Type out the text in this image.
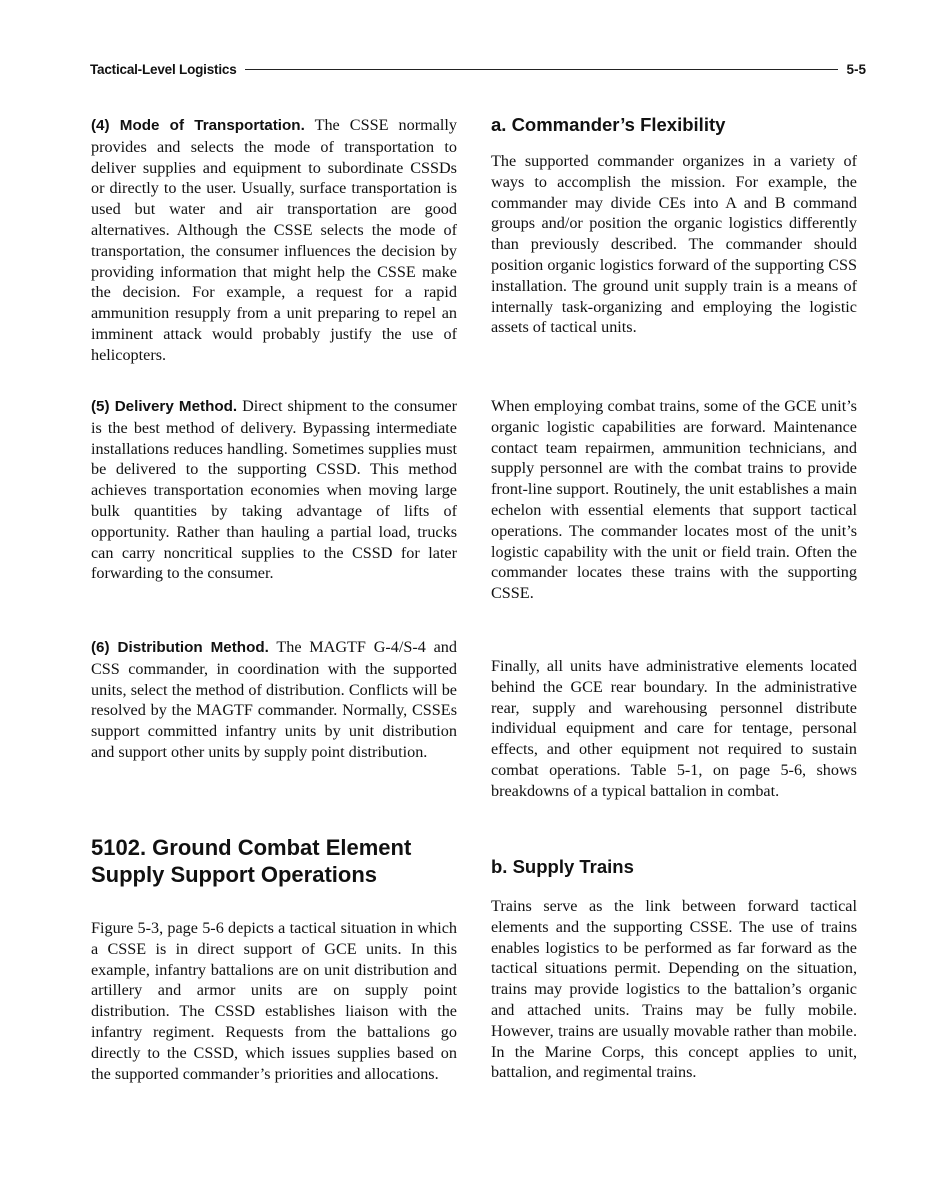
Tactical-Level Logistics	5-5
(4) Mode of Transportation. The CSSE normally provides and selects the mode of transportation to deliver supplies and equipment to subordinate CSSDs or directly to the user. Usually, surface transportation is used but water and air transportation are good alternatives. Although the CSSE selects the mode of transportation, the consumer influences the decision by providing information that might help the CSSE make the decision. For example, a request for a rapid ammunition resupply from a unit preparing to repel an imminent attack would probably justify the use of helicopters.
(5) Delivery Method. Direct shipment to the consumer is the best method of delivery. Bypassing intermediate installations reduces handling. Sometimes supplies must be delivered to the supporting CSSD. This method achieves transportation economies when moving large bulk quantities by taking advantage of lifts of opportunity. Rather than hauling a partial load, trucks can carry noncritical supplies to the CSSD for later forwarding to the consumer.
(6) Distribution Method. The MAGTF G-4/S-4 and CSS commander, in coordination with the supported units, select the method of distribution. Conflicts will be resolved by the MAGTF commander. Normally, CSSEs support committed infantry units by unit distribution and support other units by supply point distribution.
5102. Ground Combat Element Supply Support Operations
Figure 5-3, page 5-6 depicts a tactical situation in which a CSSE is in direct support of GCE units. In this example, infantry battalions are on unit distribution and artillery and armor units are on supply point distribution. The CSSD establishes liaison with the infantry regiment. Requests from the battalions go directly to the CSSD, which issues supplies based on the supported commander’s priorities and allocations.
a. Commander’s Flexibility
The supported commander organizes in a variety of ways to accomplish the mission. For example, the commander may divide CEs into A and B command groups and/or position the organic logistics differently than previously described. The commander should position organic logistics forward of the supporting CSS installation. The ground unit supply train is a means of internally task-organizing and employing the logistic assets of tactical units.
When employing combat trains, some of the GCE unit’s organic logistic capabilities are forward. Maintenance contact team repairmen, ammunition technicians, and supply personnel are with the combat trains to provide front-line support. Routinely, the unit establishes a main echelon with essential elements that support tactical operations. The commander locates most of the unit’s logistic capability with the unit or field train. Often the commander locates these trains with the supporting CSSE.
Finally, all units have administrative elements located behind the GCE rear boundary. In the administrative rear, supply and warehousing personnel distribute individual equipment and care for tentage, personal effects, and other equipment not required to sustain combat operations. Table 5-1, on page 5-6, shows breakdowns of a typical battalion in combat.
b. Supply Trains
Trains serve as the link between forward tactical elements and the supporting CSSE. The use of trains enables logistics to be performed as far forward as the tactical situations permit. Depending on the situation, trains may provide logistics to the battalion’s organic and attached units. Trains may be fully mobile. However, trains are usually movable rather than mobile. In the Marine Corps, this concept applies to unit, battalion, and regimental trains.
